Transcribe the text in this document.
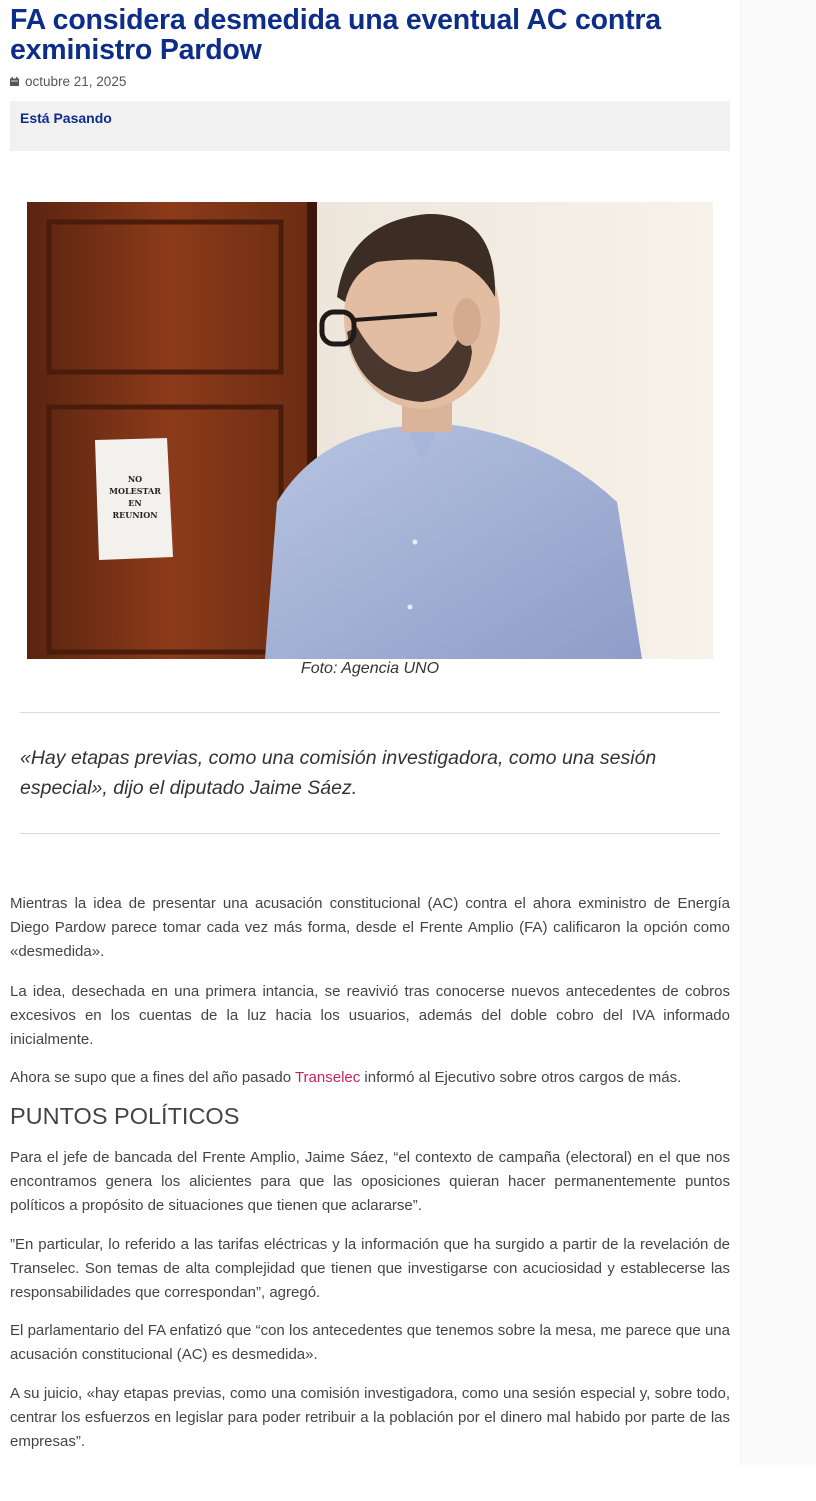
FA considera desmedida una eventual AC contra exministro Pardow
octubre 21, 2025
Está Pasando
NO
MOLESTAR
EN
REUNION
Foto: Agencia UNO
«Hay etapas previas, como una comisión investigadora, como una sesión especial», dijo el diputado Jaime Sáez.

Mientras la idea de presentar una acusación constitucional (AC) contra el ahora exministro de Energía Diego Pardow parece tomar cada vez más forma, desde el Frente Amplio (FA) calificaron la opción como «desmedida».

La idea, desechada en una primera intancia, se reavivió tras conocerse nuevos antecedentes de cobros excesivos en los cuentas de la luz hacia los usuarios, además del doble cobro del IVA informado inicialmente.

Ahora se supo que a fines del año pasado Transelec informó al Ejecutivo sobre otros cargos de más.

PUNTOS POLÍTICOS

Para el jefe de bancada del Frente Amplio, Jaime Sáez, “el contexto de campaña (electoral) en el que nos encontramos genera los alicientes para que las oposiciones quieran hacer permanentemente puntos políticos a propósito de situaciones que tienen que aclararse”.

”En particular, lo referido a las tarifas eléctricas y la información que ha surgido a partir de la revelación de Transelec. Son temas de alta complejidad que tienen que investigarse con acuciosidad y establecerse las responsabilidades que correspondan”, agregó.

El parlamentario del FA enfatizó que “con los antecedentes que tenemos sobre la mesa, me parece que una acusación constitucional (AC) es desmedida».

A su juicio, «hay etapas previas, como una comisión investigadora, como una sesión especial y, sobre todo, centrar los esfuerzos en legislar para poder retribuir a la población por el dinero mal habido por parte de las empresas”.
